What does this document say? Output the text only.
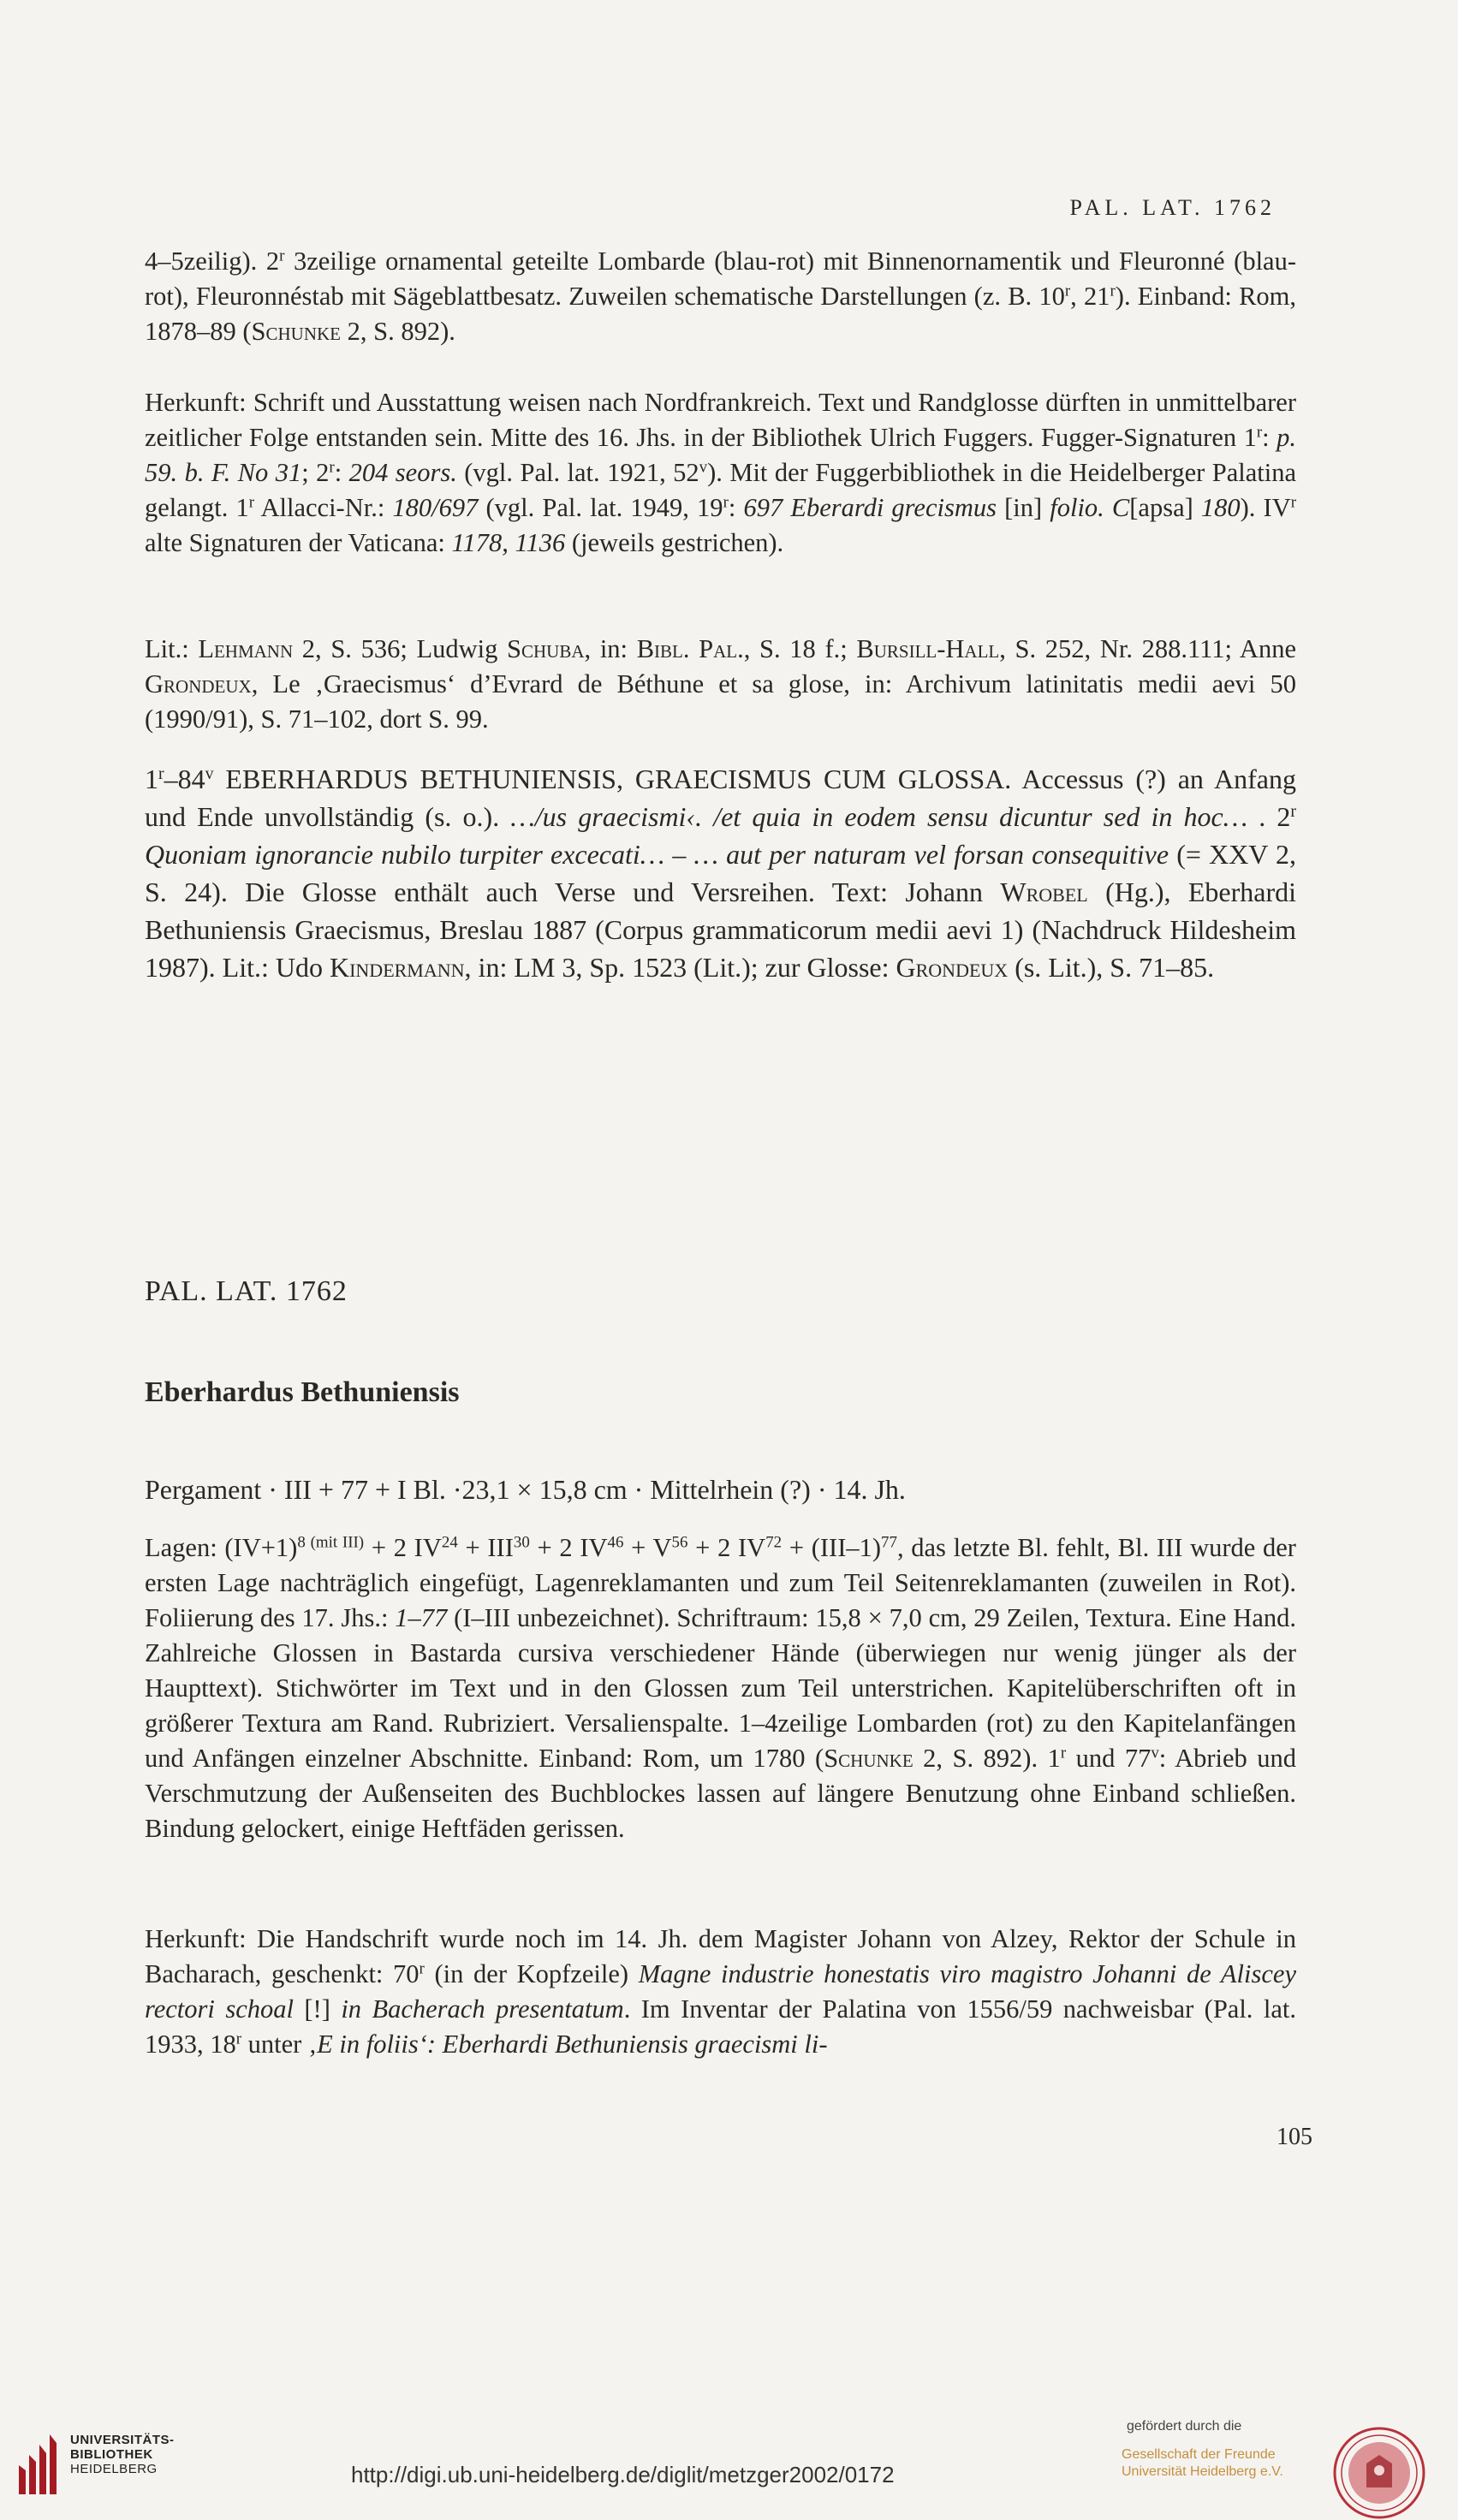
PAL. LAT. 1762

4–5zeilig). 2$^r$ 3zeilige ornamental geteilte Lombarde (blau-rot) mit Binnenornamentik und Fleuronné (blau-rot), Fleuronnéstab mit Sägeblattbesatz. Zuweilen schematische Darstellungen (z. B. 10$^r$, 21$^r$). Einband: Rom, 1878–89 (Schunke 2, S. 892).

Herkunft: Schrift und Ausstattung weisen nach Nordfrankreich. Text und Randglosse dürften in unmittelbarer zeitlicher Folge entstanden sein. Mitte des 16. Jhs. in der Bibliothek Ulrich Fuggers. Fugger-Signaturen 1$^r$: p. 59. b. F. No 31; 2$^r$: 204 seors. (vgl. Pal. lat. 1921, 52$^v$). Mit der Fuggerbibliothek in die Heidelberger Palatina gelangt. 1$^r$ Allacci-Nr.: 180/697 (vgl. Pal. lat. 1949, 19$^r$: 697 Eberardi grecismus [in] folio. C[apsa] 180). $IV^r$ alte Signaturen der Vaticana: 1178, 1136 (jeweils gestrichen).

Lit.: Lehmann 2, S. 536; Ludwig Schuba, in: Bibl. Pal., S. 18 f.; Bursill-Hall, S. 252, Nr. 288.111; Anne Grondeux, Le ‚Graecismus‘ d’Evrard de Béthune et sa glose, in: Archivum latinitatis medii aevi 50 (1990/91), S. 71–102, dort S. 99.

1$^r$–84$^v$ EBERHARDUS BETHUNIENSIS, GRAECISMUS CUM GLOSSA. Accessus (?) an Anfang und Ende unvollständig (s. o.). …/us graecismi‹. /et quia in eodem sensu dicuntur sed in hoc… . 2$^r$ Quoniam ignorancie nubilo turpiter excecati… – … aut per naturam vel forsan consequitive (= XXV 2, S. 24). Die Glosse enthält auch Verse und Versreihen. Text: Johann Wrobel (Hg.), Eberhardi Bethuniensis Graecismus, Breslau 1887 (Corpus grammaticorum medii aevi 1) (Nachdruck Hildesheim 1987). Lit.: Udo Kindermann, in: LM 3, Sp. 1523 (Lit.); zur Glosse: Grondeux (s. Lit.), S. 71–85.

PAL. LAT. 1762
Eberhardus Bethuniensis
Pergament · III + 77 + I Bl. ·23,1 × 15,8 cm · Mittelrhein (?) · 14. Jh.

Lagen: $(IV+1)^{8 (mit III)} + 2$ $IV^{24} + III^{30} + 2$ $IV^{46} + V^{56} + 2$ $IV^{72} + (III-1)^{77}$, das letzte Bl. fehlt, Bl. III wurde der ersten Lage nachträglich eingefügt, Lagenreklamanten und zum Teil Seitenreklamanten (zuweilen in Rot). Foliierung des 17. Jhs.: 1–77 (I–III unbezeichnet). Schriftraum: 15,8 × 7,0 cm, 29 Zeilen, Textura. Eine Hand. Zahlreiche Glossen in Bastarda cursiva verschiedener Hände (überwiegen nur wenig jünger als der Haupttext). Stichwörter im Text und in den Glossen zum Teil unterstrichen. Kapitelüberschriften oft in größerer Textura am Rand. Rubriziert. Versalienspalte. 1–4zeilige Lombarden (rot) zu den Kapitelanfängen und Anfängen einzelner Abschnitte. Einband: Rom, um 1780 (Schunke 2, S. 892). 1$^r$ und 77$^v$: Abrieb und Verschmutzung der Außenseiten des Buchblockes lassen auf längere Benutzung ohne Einband schließen. Bindung gelockert, einige Heftfäden gerissen.

Herkunft: Die Handschrift wurde noch im 14. Jh. dem Magister Johann von Alzey, Rektor der Schule in Bacharach, geschenkt: 70$^r$ (in der Kopfzeile) Magne industrie honestatis viro magistro Johanni de Aliscey rectori schoal [!] in Bacherach presentatum. Im Inventar der Palatina von 1556/59 nachweisbar (Pal. lat. 1933, 18$^r$ unter ‚E in foliis‘: Eberhardi Bethuniensis graecismi li-

105
UNIVERSITÄTS-
BIBLIOTHEK
HEIDELBERG	http://digi.ub.uni-heidelberg.de/diglit/metzger2002/0172
gefördert durch die
Gesellschaft der Freunde
Universität Heidelberg e.V.
